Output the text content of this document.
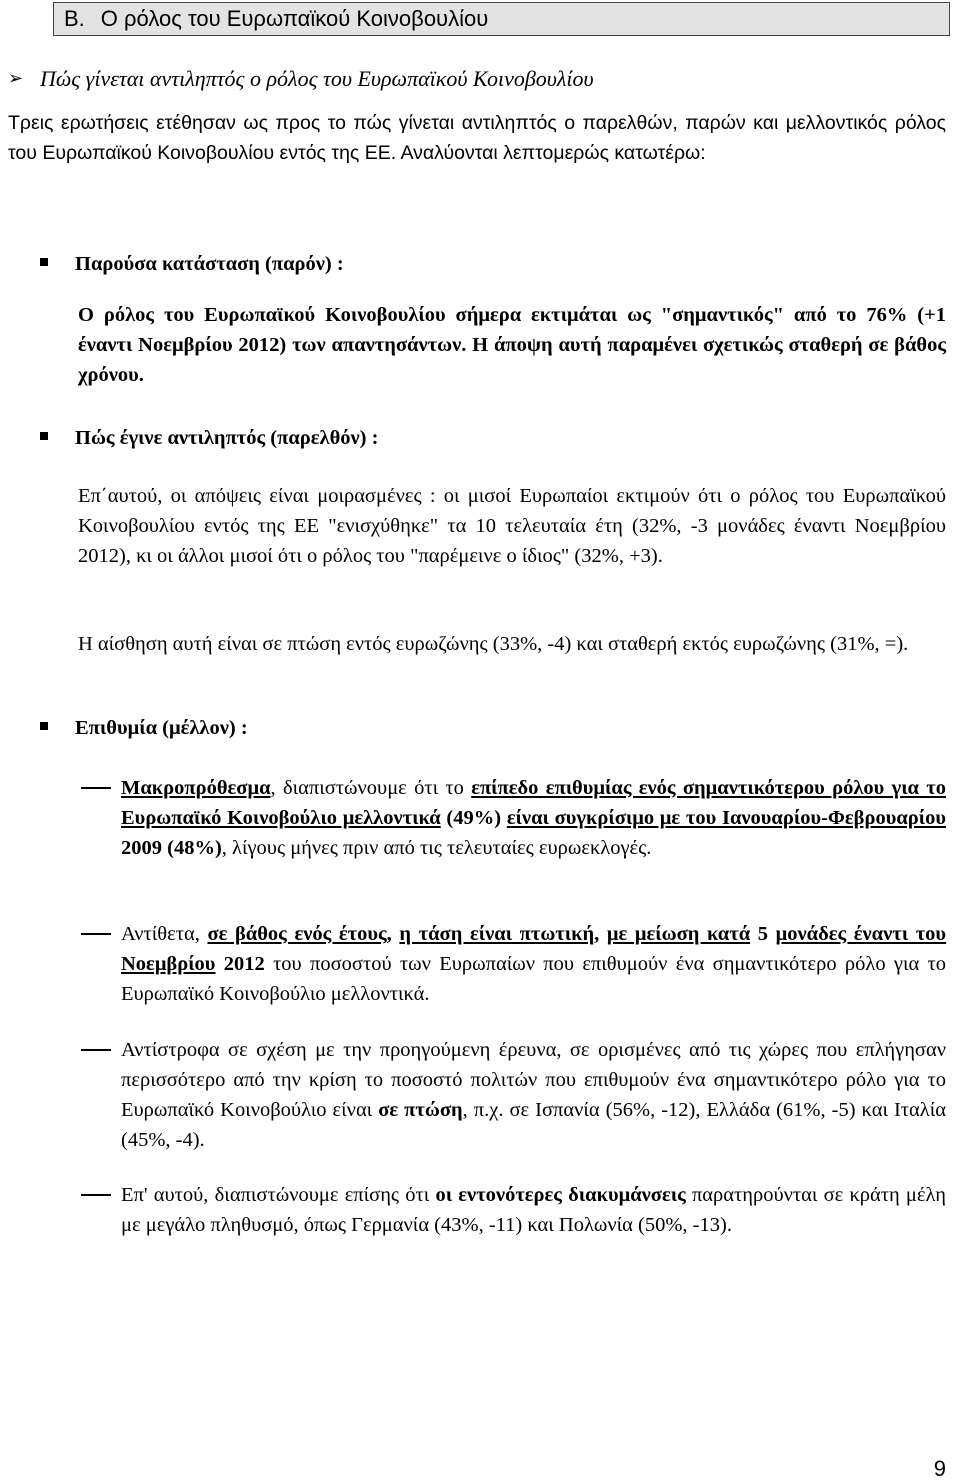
B. Ο ρόλος του Ευρωπαϊκού Κοινοβουλίου
➢ Πώς γίνεται αντιληπτός ο ρόλος του Ευρωπαϊκού Κοινοβουλίου
Τρεις ερωτήσεις ετέθησαν ως προς το πώς γίνεται αντιληπτός ο παρελθών, παρών και μελλοντικός ρόλος του Ευρωπαϊκού Κοινοβουλίου εντός της ΕΕ. Αναλύονται λεπτομερώς κατωτέρω:
Παρούσα κατάσταση (παρόν) :
Ο ρόλος του Ευρωπαϊκού Κοινοβουλίου σήμερα εκτιμάται ως "σημαντικός" από το 76% (+1 έναντι Νοεμβρίου 2012) των απαντησάντων. Η άποψη αυτή παραμένει σχετικώς σταθερή σε βάθος χρόνου.
Πώς έγινε αντιληπτός (παρελθόν) :
Επ΄αυτού, οι απόψεις είναι μοιρασμένες : οι μισοί Ευρωπαίοι εκτιμούν ότι ο ρόλος του Ευρωπαϊκού Κοινοβουλίου εντός της ΕΕ "ενισχύθηκε" τα 10 τελευταία έτη (32%, -3 μονάδες έναντι Νοεμβρίου 2012), κι οι άλλοι μισοί ότι ο ρόλος του "παρέμεινε ο ίδιος" (32%, +3).
Η αίσθηση αυτή είναι σε πτώση εντός ευρωζώνης (33%, -4) και σταθερή εκτός ευρωζώνης (31%, =).
Επιθυμία (μέλλον) :
Μακροπρόθεσμα, διαπιστώνουμε ότι το επίπεδο επιθυμίας ενός σημαντικότερου ρόλου για το Ευρωπαϊκό Κοινοβούλιο μελλοντικά (49%) είναι συγκρίσιμο με του Ιανουαρίου-Φεβρουαρίου 2009 (48%), λίγους μήνες πριν από τις τελευταίες ευρωεκλογές.
Αντίθετα, σε βάθος ενός έτους, η τάση είναι πτωτική, με μείωση κατά 5 μονάδες έναντι του Νοεμβρίου 2012 του ποσοστού των Ευρωπαίων που επιθυμούν ένα σημαντικότερο ρόλο για το Ευρωπαϊκό Κοινοβούλιο μελλοντικά.
Αντίστροφα σε σχέση με την προηγούμενη έρευνα, σε ορισμένες από τις χώρες που επλήγησαν περισσότερο από την κρίση το ποσοστό πολιτών που επιθυμούν ένα σημαντικότερο ρόλο για το Ευρωπαϊκό Κοινοβούλιο είναι σε πτώση, π.χ. σε Ισπανία (56%, -12), Ελλάδα (61%, -5) και Ιταλία (45%, -4).
Επ' αυτού, διαπιστώνουμε επίσης ότι οι εντονότερες διακυμάνσεις παρατηρούνται σε κράτη μέλη με μεγάλο πληθυσμό, όπως Γερμανία (43%, -11) και Πολωνία (50%, -13).
9
